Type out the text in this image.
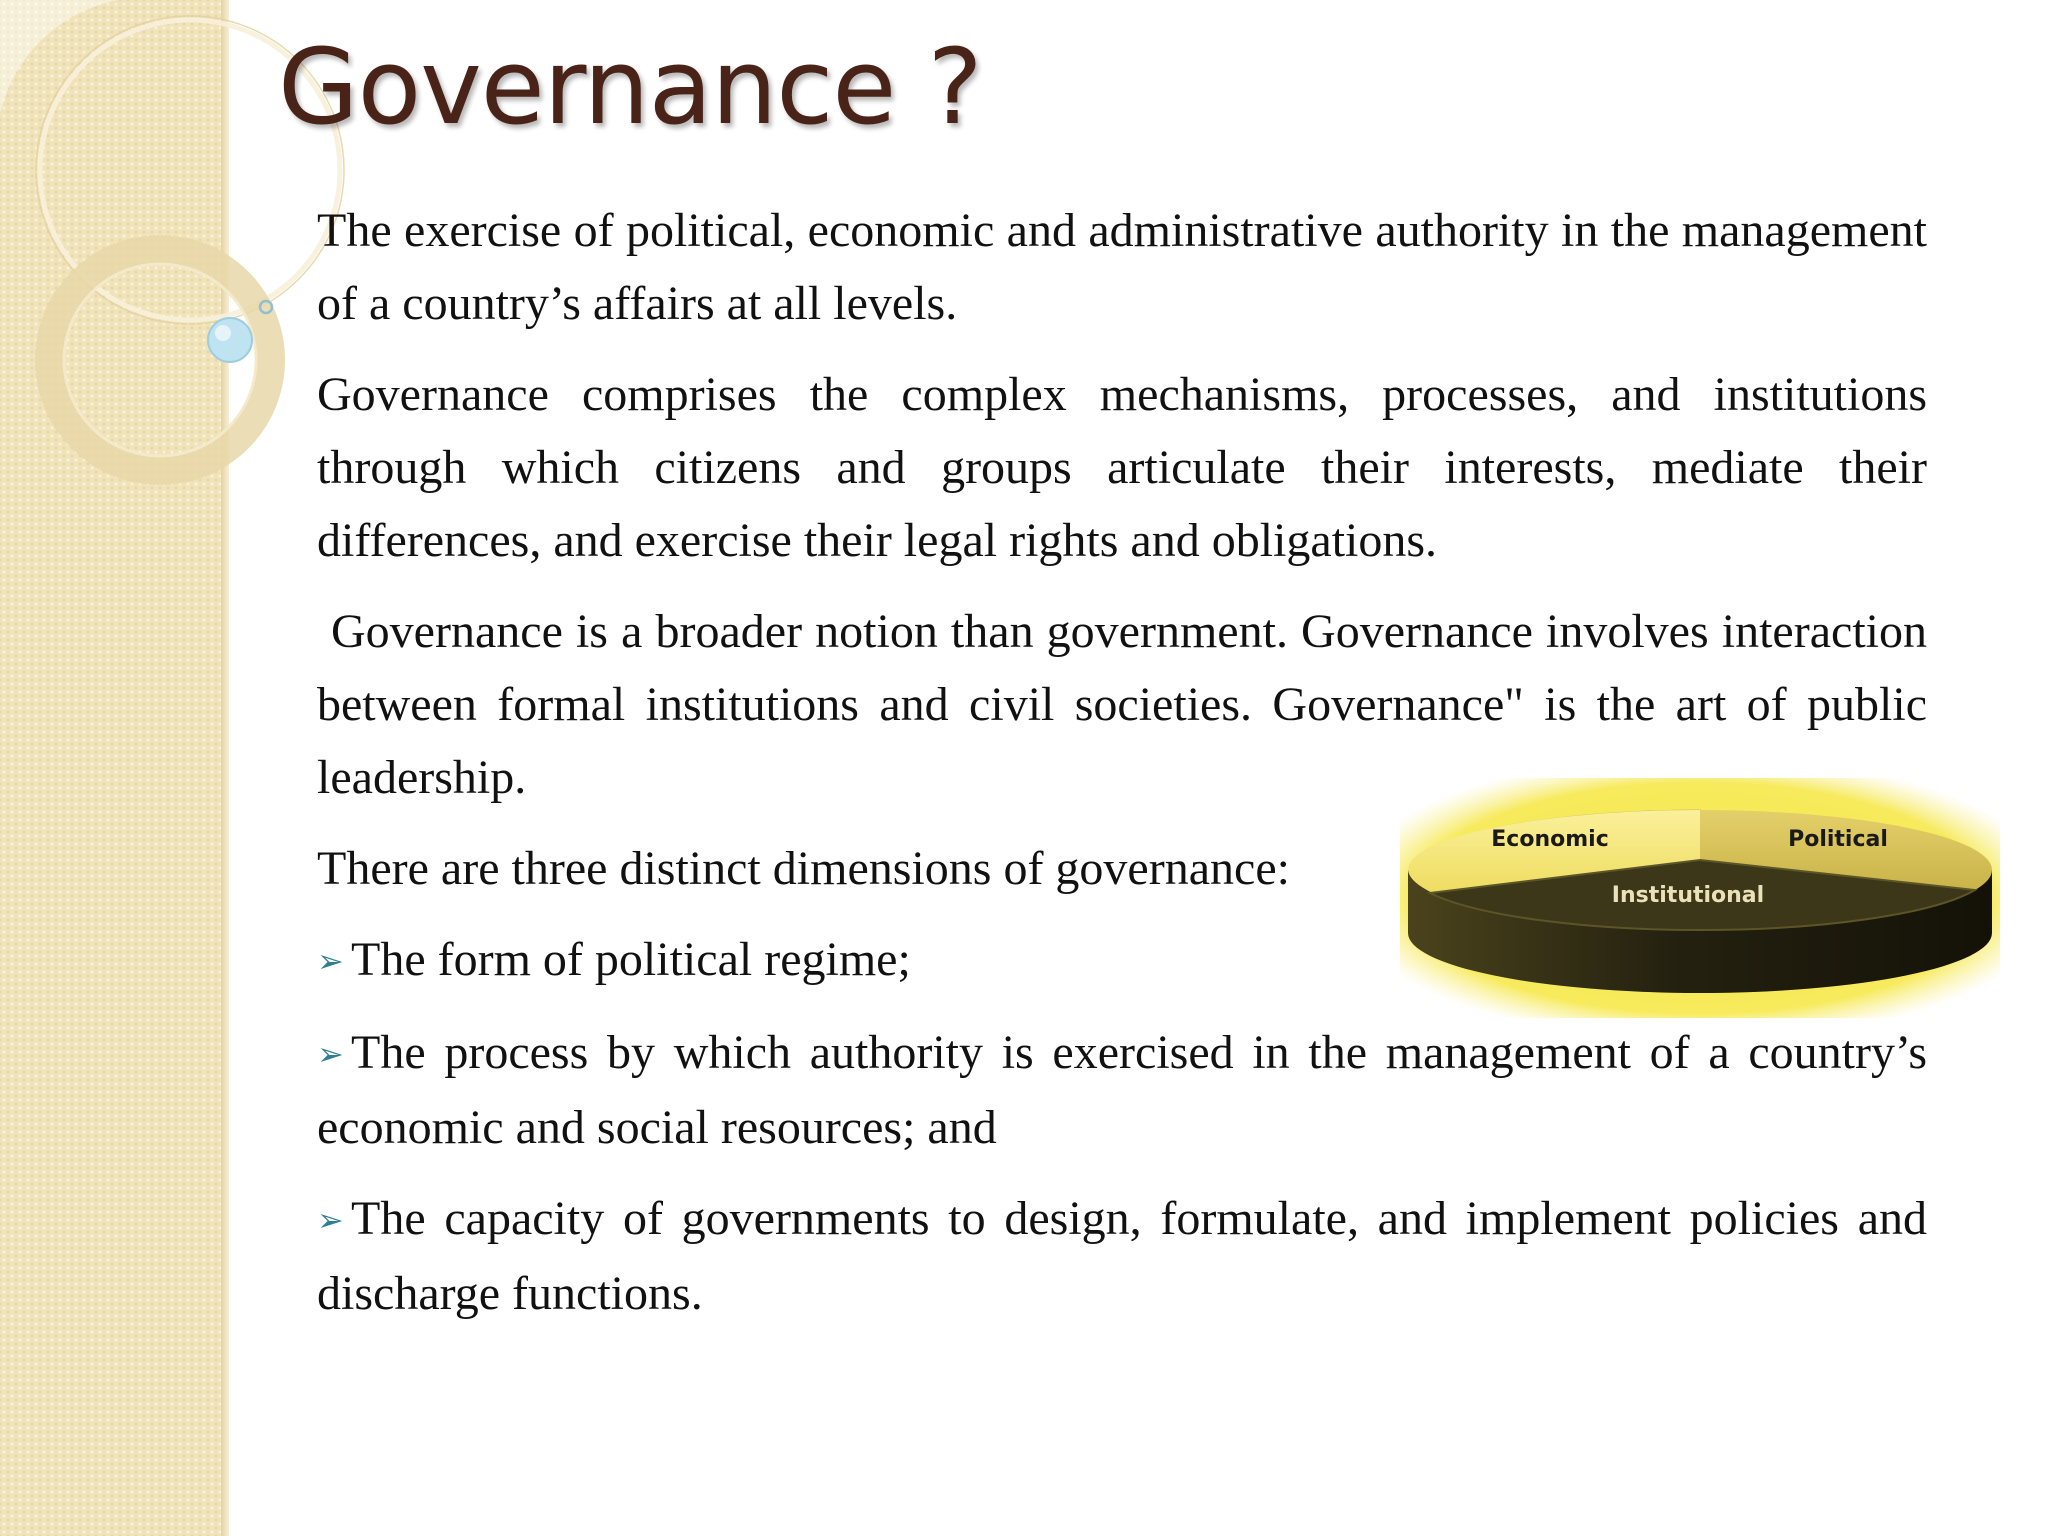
Governance ?

The exercise of political, economic and administrative authority in the management of a country’s affairs at all levels.

Governance comprises the complex mechanisms, processes, and institutions through which citizens and groups articulate their interests, mediate their differences, and exercise their legal rights and obligations.

Governance is a broader notion than government. Governance involves interaction between formal institutions and civil societies. Governance" is the art of public leadership.

There are three distinct dimensions of governance:

➢ The form of political regime;

➢ The process by which authority is exercised in the management of a country’s economic and social resources; and

➢ The capacity of governments to design, formulate, and implement policies and discharge functions.

Economic	Political
Institutional
